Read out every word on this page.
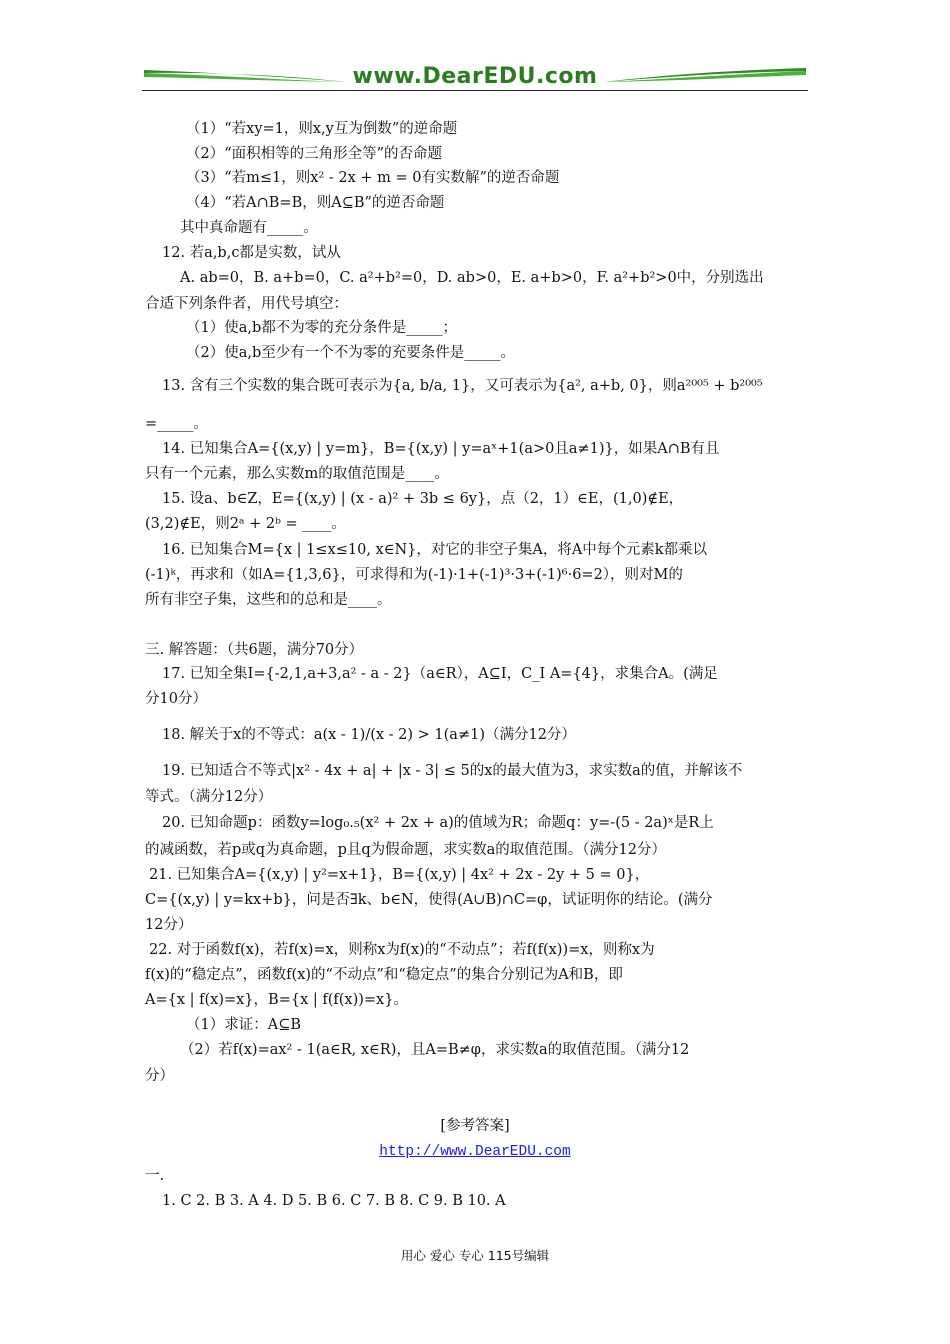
www.DearEDU.com
（1）“若xy=1，则x,y互为倒数”的逆命题
（2）“面积相等的三角形全等”的否命题
（3）“若m≤1，则x² - 2x + m = 0有实数解”的逆否命题
（4）“若A∩B=B，则A⊆B”的逆否命题
其中真命题有_____。
12. 若a,b,c都是实数，试从
A. ab=0，B. a+b=0，C. a²+b²=0，D. ab>0，E. a+b>0，F. a²+b²>0中，分别选出
合适下列条件者，用代号填空：
（1）使a,b都不为零的充分条件是_____；
（2）使a,b至少有一个不为零的充要条件是_____。
13. 含有三个实数的集合既可表示为{a, b/a, 1}，又可表示为{a², a+b, 0}，则a²⁰⁰⁵ + b²⁰⁰⁵
=_____。
14. 已知集合A={(x,y) | y=m}，B={(x,y) | y=aˣ+1(a>0且a≠1)}，如果A∩B有且
只有一个元素，那么实数m的取值范围是____。
15. 设a、b∈Z，E={(x,y) | (x - a)² + 3b ≤ 6y}，点（2，1）∈E，(1,0)∉E，
(3,2)∉E，则2ᵃ + 2ᵇ = ____。
16. 已知集合M={x | 1≤x≤10, x∈N}，对它的非空子集A，将A中每个元素k都乘以
(-1)ᵏ，再求和（如A={1,3,6}，可求得和为(-1)·1+(-1)³·3+(-1)⁶·6=2），则对M的
所有非空子集，这些和的总和是____。
三. 解答题：（共6题，满分70分）
17. 已知全集I={-2,1,a+3,a² - a - 2}（a∈R），A⊆I，C_I A={4}，求集合A。(满足
分10分）
18. 解关于x的不等式：a(x - 1)/(x - 2) > 1(a≠1)（满分12分）
19. 已知适合不等式|x² - 4x + a| + |x - 3| ≤ 5的x的最大值为3，求实数a的值，并解该不
等式。（满分12分）
20. 已知命题p：函数y=log₀.₅(x² + 2x + a)的值域为R；命题q：y=-(5 - 2a)ˣ是R上
的减函数，若p或q为真命题，p且q为假命题，求实数a的取值范围。（满分12分）
21. 已知集合A={(x,y) | y²=x+1}，B={(x,y) | 4x² + 2x - 2y + 5 = 0}，
C={(x,y) | y=kx+b}，问是否∃k、b∈N，使得(A∪B)∩C=φ，试证明你的结论。(满分
12分）
22. 对于函数f(x)，若f(x)=x，则称x为f(x)的“不动点”；若f(f(x))=x，则称x为
f(x)的“稳定点”，函数f(x)的“不动点”和“稳定点”的集合分别记为A和B，即
A={x | f(x)=x}，B={x | f(f(x))=x}。
（1）求证：A⊆B
（2）若f(x)=ax² - 1(a∈R, x∈R)，且A=B≠φ，求实数a的取值范围。（满分12
分）
[参考答案]
http://www.DearEDU.com
一.
1. C 2. B 3. A 4. D 5. B 6. C 7. B 8. C 9. B 10. A
用心 爱心 专心 115号编辑
